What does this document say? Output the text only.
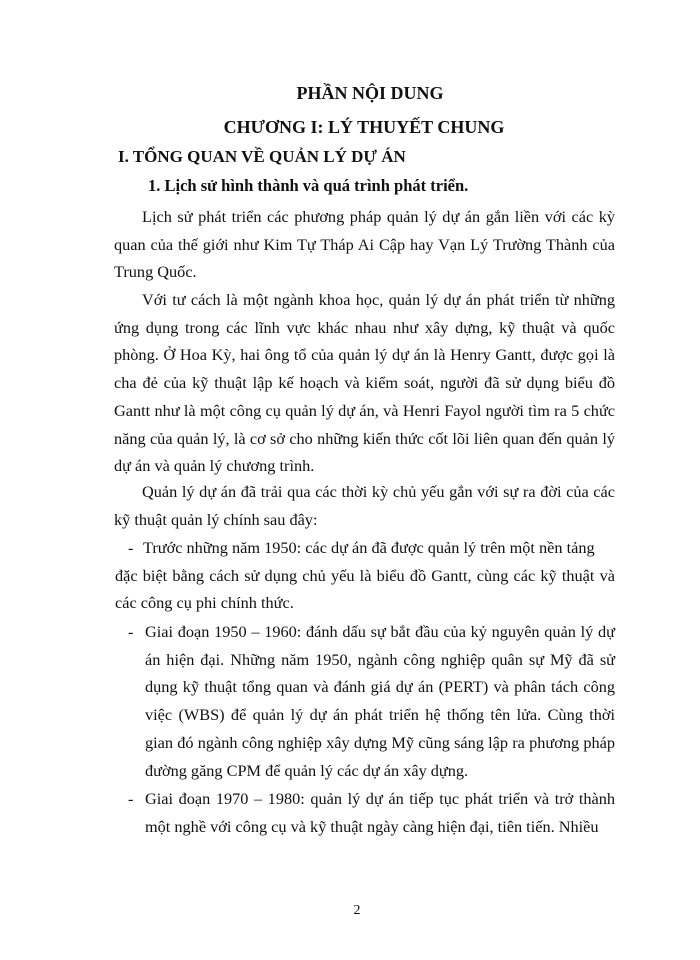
PHẦN NỘI DUNG
CHƯƠNG I: LÝ THUYẾT CHUNG
I. TỔNG QUAN VỀ QUẢN LÝ DỰ ÁN
1. Lịch sử hình thành và quá trình phát triển.
Lịch sử phát triển các phương pháp quản lý dự án gắn liền với các kỳ quan của thế giới như Kim Tự Tháp Ai Cập hay Vạn Lý Trường Thành của Trung Quốc.
Với tư cách là một ngành khoa học, quản lý dự án phát triển từ những ứng dụng trong các lĩnh vực khác nhau như xây dựng, kỹ thuật và quốc phòng. Ở Hoa Kỳ, hai ông tổ của quản lý dự án là Henry Gantt, được gọi là cha đẻ của kỹ thuật lập kế hoạch và kiểm soát, người đã sử dụng biểu đồ Gantt như là một công cụ quản lý dự án, và Henri Fayol người tìm ra 5 chức năng của quản lý, là cơ sở cho những kiến thức cốt lõi liên quan đến quản lý dự án và quản lý chương trình.
Quản lý dự án đã trải qua các thời kỳ chủ yếu gắn với sự ra đời của các kỹ thuật quản lý chính sau đây:
- Trước những năm 1950: các dự án đã được quản lý trên một nền tảng
đặc biệt bằng cách sử dụng chủ yếu là biểu đồ Gantt, cùng các kỹ thuật và các công cụ phi chính thức.
- Giai đoạn 1950 – 1960: đánh dấu sự bắt đầu của kỷ nguyên quản lý dự án hiện đại. Những năm 1950, ngành công nghiệp quân sự Mỹ đã sử dụng kỹ thuật tổng quan và đánh giá dự án (PERT) và phân tách công việc (WBS) để quản lý dự án phát triển hệ thống tên lửa. Cùng thời gian đó ngành công nghiệp xây dựng Mỹ cũng sáng lập ra phương pháp đường găng CPM để quản lý các dự án xây dựng.
- Giai đoạn 1970 – 1980: quản lý dự án tiếp tục phát triển và trở thành một nghề với công cụ và kỹ thuật ngày càng hiện đại, tiên tiến. Nhiều
2
